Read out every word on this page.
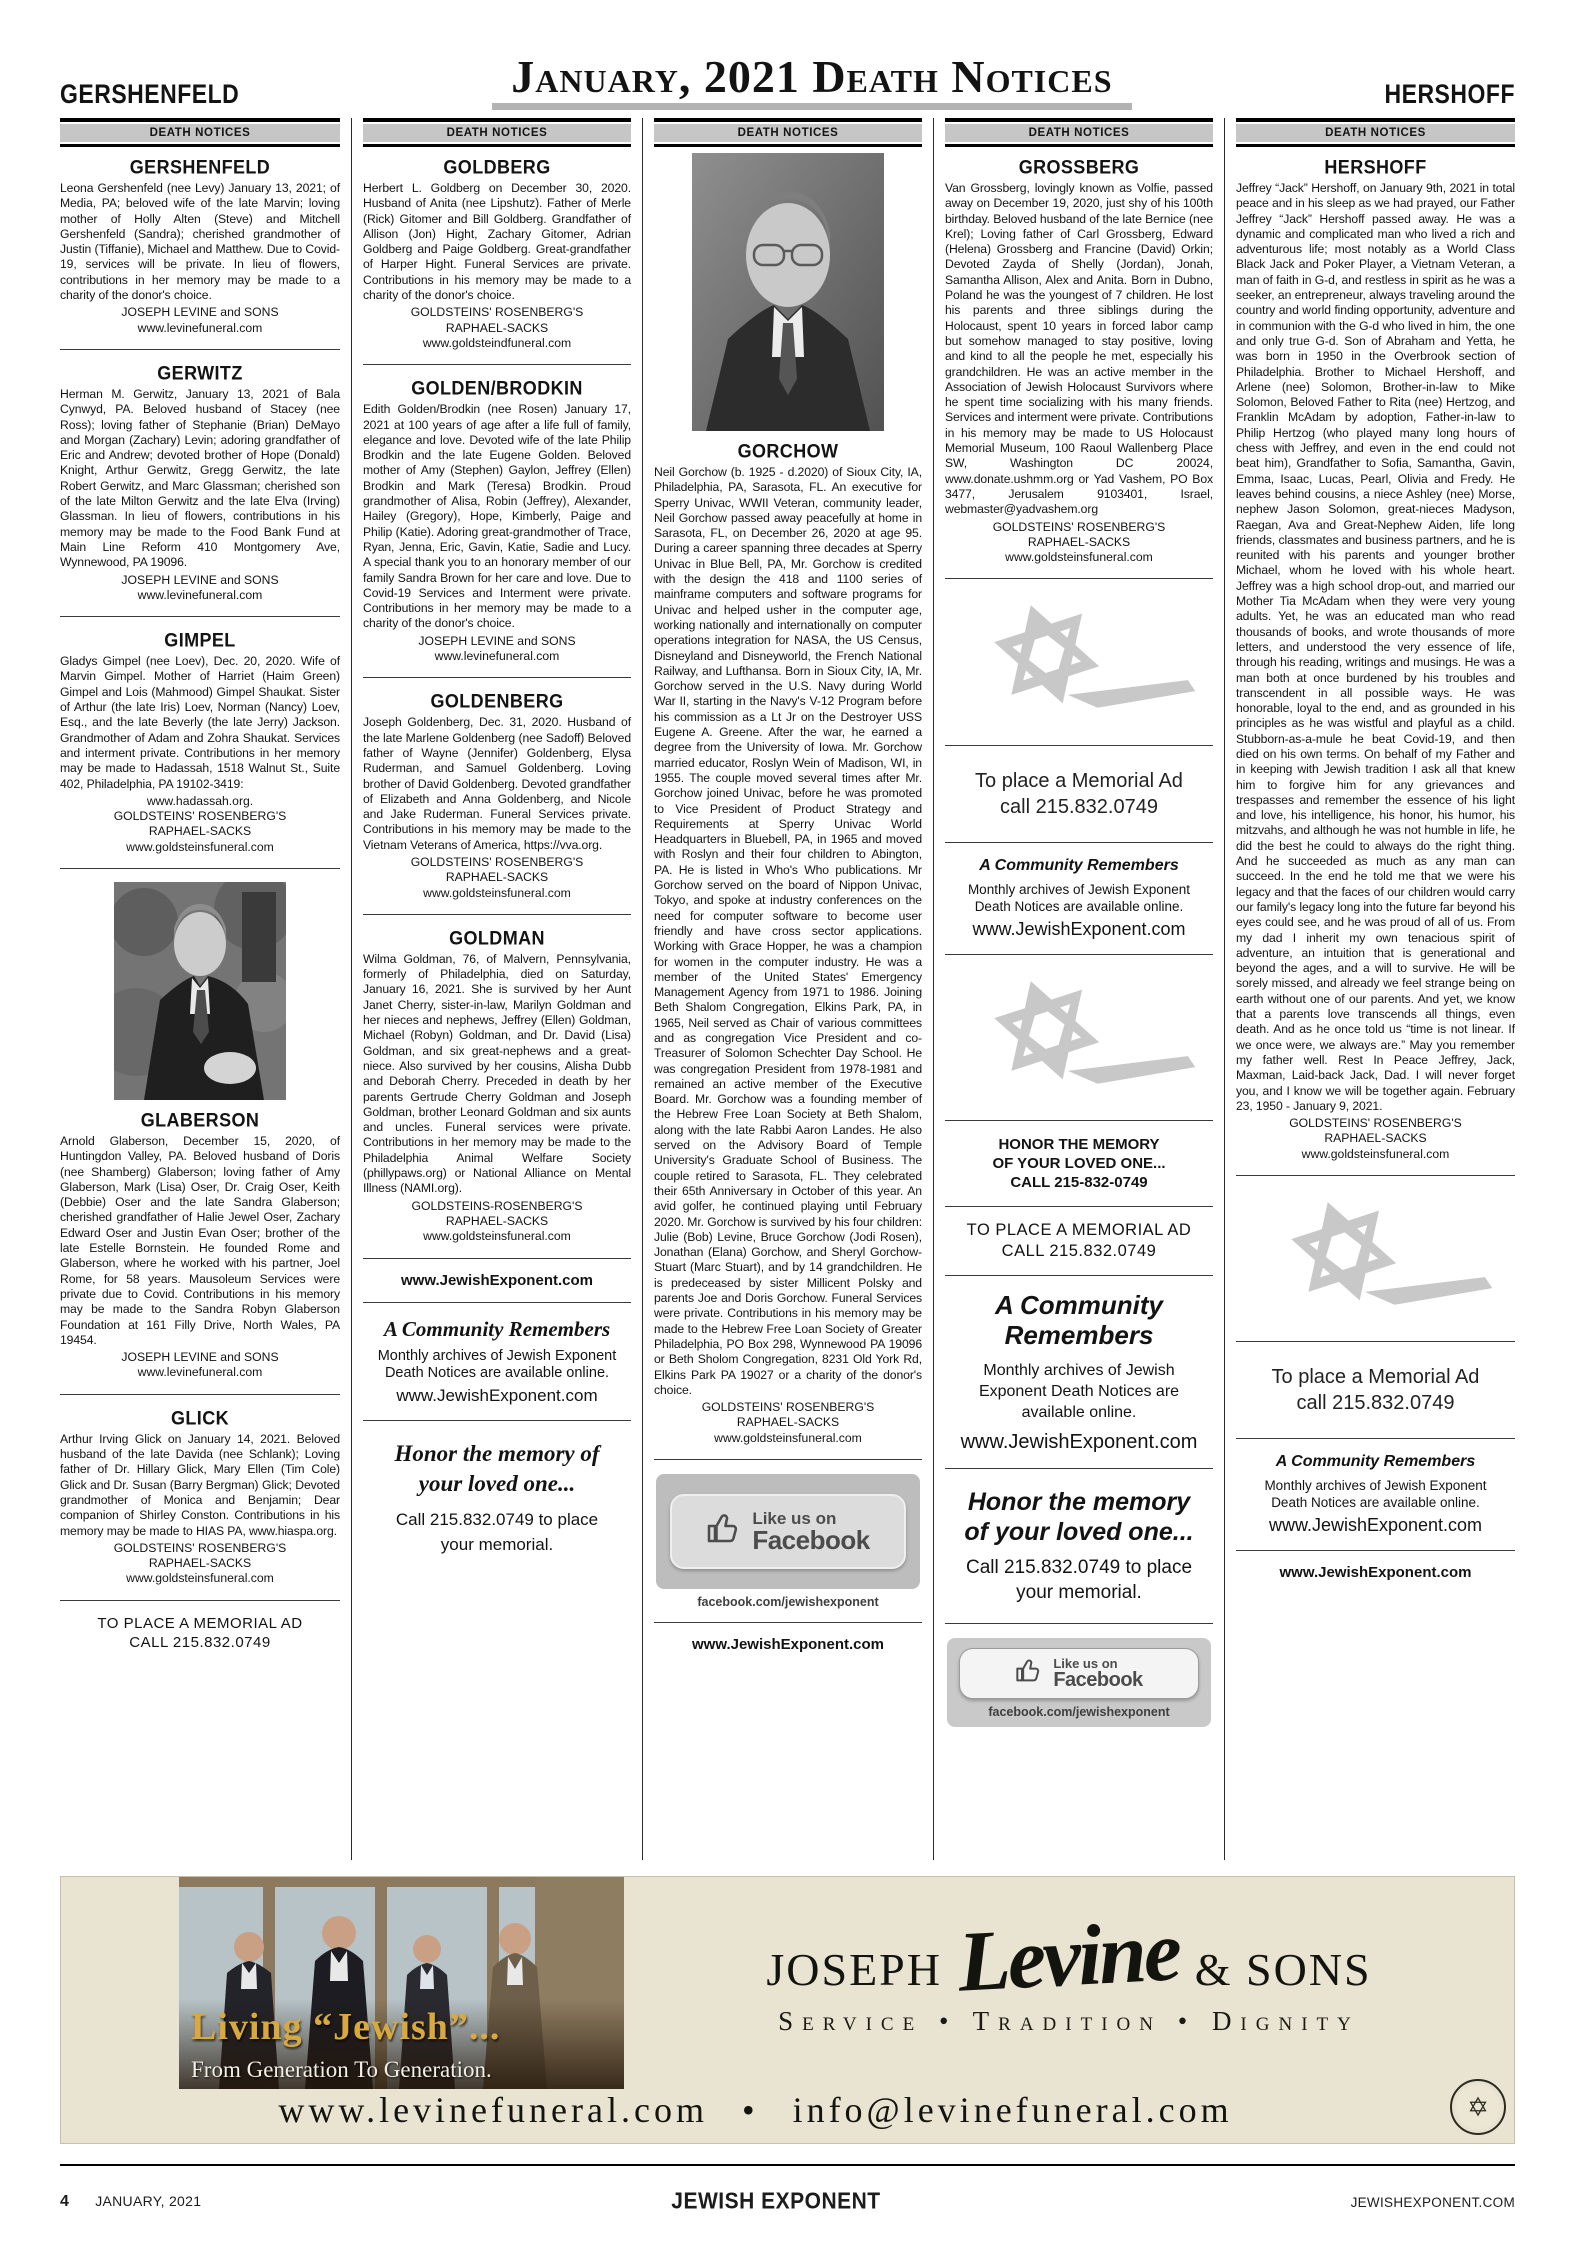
GERSHENFELD	January, 2021 Death Notices	HERSHOFF
DEATH NOTICES
GERSHENFELD

Leona Gershenfeld (nee Levy) January 13, 2021; of Media, PA; beloved wife of the late Marvin; loving mother of Holly Alten (Steve) and Mitchell Gershenfeld (Sandra); cherished grandmother of Justin (Tiffanie), Michael and Matthew. Due to Covid-19, services will be private. In lieu of flowers, contributions in her memory may be made to a charity of the donor's choice.

JOSEPH LEVINE and SONS

www.levinefuneral.com

GERWITZ

Herman M. Gerwitz, January 13, 2021 of Bala Cynwyd, PA. Beloved husband of Stacey (nee Ross); loving father of Stephanie (Brian) DeMayo and Morgan (Zachary) Levin; adoring grandfather of Eric and Andrew; devoted brother of Hope (Donald) Knight, Arthur Gerwitz, Gregg Gerwitz, the late Robert Gerwitz, and Marc Glassman; cherished son of the late Milton Gerwitz and the late Elva (Irving) Glassman. In lieu of flowers, contributions in his memory may be made to the Food Bank Fund at Main Line Reform 410 Montgomery Ave, Wynnewood, PA 19096.

JOSEPH LEVINE and SONS

www.levinefuneral.com

GIMPEL

Gladys Gimpel (nee Loev), Dec. 20, 2020. Wife of Marvin Gimpel. Mother of Harriet (Haim Green) Gimpel and Lois (Mahmood) Gimpel Shaukat. Sister of Arthur (the late Iris) Loev, Norman (Nancy) Loev, Esq., and the late Beverly (the late Jerry) Jackson. Grandmother of Adam and Zohra Shaukat. Services and interment private. Contributions in her memory may be made to Hadassah, 1518 Walnut St., Suite 402, Philadelphia, PA 19102-3419:

www.hadassah.org.

GOLDSTEINS' ROSENBERG'S

RAPHAEL-SACKS

www.goldsteinsfuneral.com

GLABERSON

Arnold Glaberson, December 15, 2020, of Huntingdon Valley, PA. Beloved husband of Doris (nee Shamberg) Glaberson; loving father of Amy Glaberson, Mark (Lisa) Oser, Dr. Craig Oser, Keith (Debbie) Oser and the late Sandra Glaberson; cherished grandfather of Halie Jewel Oser, Zachary Edward Oser and Justin Evan Oser; brother of the late Estelle Bornstein. He founded Rome and Glaberson, where he worked with his partner, Joel Rome, for 58 years. Mausoleum Services were private due to Covid. Contributions in his memory may be made to the Sandra Robyn Glaberson Foundation at 161 Filly Drive, North Wales, PA 19454.

JOSEPH LEVINE and SONS

www.levinefuneral.com

GLICK

Arthur Irving Glick on January 14, 2021. Beloved husband of the late Davida (nee Schlank); Loving father of Dr. Hillary Glick, Mary Ellen (Tim Cole) Glick and Dr. Susan (Barry Bergman) Glick; Devoted grandmother of Monica and Benjamin; Dear companion of Shirley Conston. Contributions in his memory may be made to HIAS PA, www.hiaspa.org.

GOLDSTEINS' ROSENBERG'S

RAPHAEL-SACKS

www.goldsteinsfuneral.com

TO PLACE A MEMORIAL AD
CALL 215.832.0749
DEATH NOTICES
GOLDBERG

Herbert L. Goldberg on December 30, 2020. Husband of Anita (nee Lipshutz). Father of Merle (Rick) Gitomer and Bill Goldberg. Grandfather of Allison (Jon) Hight, Zachary Gitomer, Adrian Goldberg and Paige Goldberg. Great-grandfather of Harper Hight. Funeral Services are private. Contributions in his memory may be made to a charity of the donor's choice.

GOLDSTEINS' ROSENBERG'S

RAPHAEL-SACKS

www.goldsteindfuneral.com

GOLDEN/BRODKIN

Edith Golden/Brodkin (nee Rosen) January 17, 2021 at 100 years of age after a life full of family, elegance and love. Devoted wife of the late Philip Brodkin and the late Eugene Golden. Beloved mother of Amy (Stephen) Gaylon, Jeffrey (Ellen) Brodkin and Mark (Teresa) Brodkin. Proud grandmother of Alisa, Robin (Jeffrey), Alexander, Hailey (Gregory), Hope, Kimberly, Paige and Philip (Katie). Adoring great-grandmother of Trace, Ryan, Jenna, Eric, Gavin, Katie, Sadie and Lucy. A special thank you to an honorary member of our family Sandra Brown for her care and love. Due to Covid-19 Services and Interment were private. Contributions in her memory may be made to a charity of the donor's choice.

JOSEPH LEVINE and SONS

www.levinefuneral.com

GOLDENBERG

Joseph Goldenberg, Dec. 31, 2020. Husband of the late Marlene Goldenberg (nee Sadoff) Beloved father of Wayne (Jennifer) Goldenberg, Elysa Ruderman, and Samuel Goldenberg. Loving brother of David Goldenberg. Devoted grandfather of Elizabeth and Anna Goldenberg, and Nicole and Jake Ruderman. Funeral Services private. Contributions in his memory may be made to the Vietnam Veterans of America, https://vva.org.

GOLDSTEINS' ROSENBERG'S

RAPHAEL-SACKS

www.goldsteinsfuneral.com

GOLDMAN

Wilma Goldman, 76, of Malvern, Pennsylvania, formerly of Philadelphia, died on Saturday, January 16, 2021. She is survived by her Aunt Janet Cherry, sister-in-law, Marilyn Goldman and her nieces and nephews, Jeffrey (Ellen) Goldman, Michael (Robyn) Goldman, and Dr. David (Lisa) Goldman, and six great-nephews and a great-niece. Also survived by her cousins, Alisha Dubb and Deborah Cherry. Preceded in death by her parents Gertrude Cherry Goldman and Joseph Goldman, brother Leonard Goldman and six aunts and uncles. Funeral services were private. Contributions in her memory may be made to the Philadelphia Animal Welfare Society (phillypaws.org) or National Alliance on Mental Illness (NAMI.org).

GOLDSTEINS-ROSENBERG'S

RAPHAEL-SACKS

www.goldsteinsfuneral.com

www.JewishExponent.com

A Community Remembers

Monthly archives of Jewish Exponent Death Notices are available online.

www.JewishExponent.com

Honor the memory of your loved one...

Call 215.832.0749 to place your memorial.

DEATH NOTICES
GORCHOW

Neil Gorchow (b. 1925 - d.2020) of Sioux City, IA, Philadelphia, PA, Sarasota, FL. An executive for Sperry Univac, WWII Veteran, community leader, Neil Gorchow passed away peacefully at home in Sarasota, FL, on December 26, 2020 at age 95. During a career spanning three decades at Sperry Univac in Blue Bell, PA, Mr. Gorchow is credited with the design the 418 and 1100 series of mainframe computers and software programs for Univac and helped usher in the computer age, working nationally and internationally on computer operations integration for NASA, the US Census, Disneyland and Disneyworld, the French National Railway, and Lufthansa. Born in Sioux City, IA, Mr. Gorchow served in the U.S. Navy during World War II, starting in the Navy's V-12 Program before his commission as a Lt Jr on the Destroyer USS Eugene A. Greene. After the war, he earned a degree from the University of Iowa. Mr. Gorchow married educator, Roslyn Wein of Madison, WI, in 1955. The couple moved several times after Mr. Gorchow joined Univac, before he was promoted to Vice President of Product Strategy and Requirements at Sperry Univac World Headquarters in Bluebell, PA, in 1965 and moved with Roslyn and their four children to Abington, PA. He is listed in Who's Who publications. Mr Gorchow served on the board of Nippon Univac, Tokyo, and spoke at industry conferences on the need for computer software to become user friendly and have cross sector applications. Working with Grace Hopper, he was a champion for women in the computer industry. He was a member of the United States' Emergency Management Agency from 1971 to 1986. Joining Beth Shalom Congregation, Elkins Park, PA, in 1965, Neil served as Chair of various committees and as congregation Vice President and co-Treasurer of Solomon Schechter Day School. He was congregation President from 1978-1981 and remained an active member of the Executive Board. Mr. Gorchow was a founding member of the Hebrew Free Loan Society at Beth Shalom, along with the late Rabbi Aaron Landes. He also served on the Advisory Board of Temple University's Graduate School of Business. The couple retired to Sarasota, FL. They celebrated their 65th Anniversary in October of this year. An avid golfer, he continued playing until February 2020. Mr. Gorchow is survived by his four children: Julie (Bob) Levine, Bruce Gorchow (Jodi Rosen), Jonathan (Elana) Gorchow, and Sheryl Gorchow-Stuart (Marc Stuart), and by 14 grandchildren. He is predeceased by sister Millicent Polsky and parents Joe and Doris Gorchow. Funeral Services were private. Contributions in his memory may be made to the Hebrew Free Loan Society of Greater Philadelphia, PO Box 298, Wynnewood PA 19096 or Beth Sholom Congregation, 8231 Old York Rd, Elkins Park PA 19027 or a charity of the donor's choice.

GOLDSTEINS' ROSENBERG'S

RAPHAEL-SACKS

www.goldsteinsfuneral.com

Like us on
Facebook
facebook.com/jewishexponent
www.JewishExponent.com
DEATH NOTICES
GROSSBERG

Van Grossberg, lovingly known as Volfie, passed away on December 19, 2020, just shy of his 100th birthday. Beloved husband of the late Bernice (nee Krel); Loving father of Carl Grossberg, Edward (Helena) Grossberg and Francine (David) Orkin; Devoted Zayda of Shelly (Jordan), Jonah, Samantha Allison, Alex and Anita. Born in Dubno, Poland he was the youngest of 7 children. He lost his parents and three siblings during the Holocaust, spent 10 years in forced labor camp but somehow managed to stay positive, loving and kind to all the people he met, especially his grandchildren. He was an active member in the Association of Jewish Holocaust Survivors where he spent time socializing with his many friends. Services and interment were private. Contributions in his memory may be made to US Holocaust Memorial Museum, 100 Raoul Wallenberg Place SW, Washington DC 20024, www.donate.ushmm.org or Yad Vashem, PO Box 3477, Jerusalem 9103401, Israel, webmaster@yadvashem.org

GOLDSTEINS' ROSENBERG'S

RAPHAEL-SACKS

www.goldsteinsfuneral.com

To place a Memorial Ad
call 215.832.0749

A Community Remembers

Monthly archives of Jewish Exponent Death Notices are available online.

www.JewishExponent.com
HONOR THE MEMORY
OF YOUR LOVED ONE...
CALL 215-832-0749
TO PLACE A MEMORIAL AD
CALL 215.832.0749

A Community Remembers

Monthly archives of Jewish Exponent Death Notices are available online.

www.JewishExponent.com

Honor the memory of your loved one...

Call 215.832.0749 to place your memorial.

Like us on
Facebook
facebook.com/jewishexponent
DEATH NOTICES
HERSHOFF

Jeffrey “Jack” Hershoff, on January 9th, 2021 in total peace and in his sleep as we had prayed, our Father Jeffrey “Jack” Hershoff passed away. He was a dynamic and complicated man who lived a rich and adventurous life; most notably as a World Class Black Jack and Poker Player, a Vietnam Veteran, a man of faith in G-d, and restless in spirit as he was a seeker, an entrepreneur, always traveling around the country and world finding opportunity, adventure and in communion with the G-d who lived in him, the one and only true G-d. Son of Abraham and Yetta, he was born in 1950 in the Overbrook section of Philadelphia. Brother to Michael Hershoff, and Arlene (nee) Solomon, Brother-in-law to Mike Solomon, Beloved Father to Rita (nee) Hertzog, and Franklin McAdam by adoption, Father-in-law to Philip Hertzog (who played many long hours of chess with Jeffrey, and even in the end could not beat him), Grandfather to Sofia, Samantha, Gavin, Emma, Isaac, Lucas, Pearl, Olivia and Fredy. He leaves behind cousins, a niece Ashley (nee) Morse, nephew Jason Solomon, great-nieces Madyson, Raegan, Ava and Great-Nephew Aiden, life long friends, classmates and business partners, and he is reunited with his parents and younger brother Michael, whom he loved with his whole heart. Jeffrey was a high school drop-out, and married our Mother Tia McAdam when they were very young adults. Yet, he was an educated man who read thousands of books, and wrote thousands of more letters, and understood the very essence of life, through his reading, writings and musings. He was a man both at once burdened by his troubles and transcendent in all possible ways. He was honorable, loyal to the end, and as grounded in his principles as he was wistful and playful as a child. Stubborn-as-a-mule he beat Covid-19, and then died on his own terms. On behalf of my Father and in keeping with Jewish tradition I ask all that knew him to forgive him for any grievances and trespasses and remember the essence of his light and love, his intelligence, his honor, his humor, his mitzvahs, and although he was not humble in life, he did the best he could to always do the right thing. And he succeeded as much as any man can succeed. In the end he told me that we were his legacy and that the faces of our children would carry our family's legacy long into the future far beyond his eyes could see, and he was proud of all of us. From my dad I inherit my own tenacious spirit of adventure, an intuition that is generational and beyond the ages, and a will to survive. He will be sorely missed, and already we feel strange being on earth without one of our parents. And yet, we know that a parents love transcends all things, even death. And as he once told us “time is not linear. If we once were, we always are.” May you remember my father well. Rest In Peace Jeffrey, Jack, Maxman, Laid-back Jack, Dad. I will never forget you, and I know we will be together again. February 23, 1950 - January 9, 2021.

GOLDSTEINS' ROSENBERG'S

RAPHAEL-SACKS

www.goldsteinsfuneral.com

To place a Memorial Ad
call 215.832.0749

A Community Remembers

Monthly archives of Jewish Exponent Death Notices are available online.

www.JewishExponent.com
www.JewishExponent.com
Living “Jewish”...
From Generation To Generation.
JOSEPH Levine & SONS
Service • Tradition • Dignity
www.levinefuneral.com • info@levinefuneral.com	✡
4 JANUARY, 2021	JEWISH EXPONENT	JEWISHEXPONENT.COM
